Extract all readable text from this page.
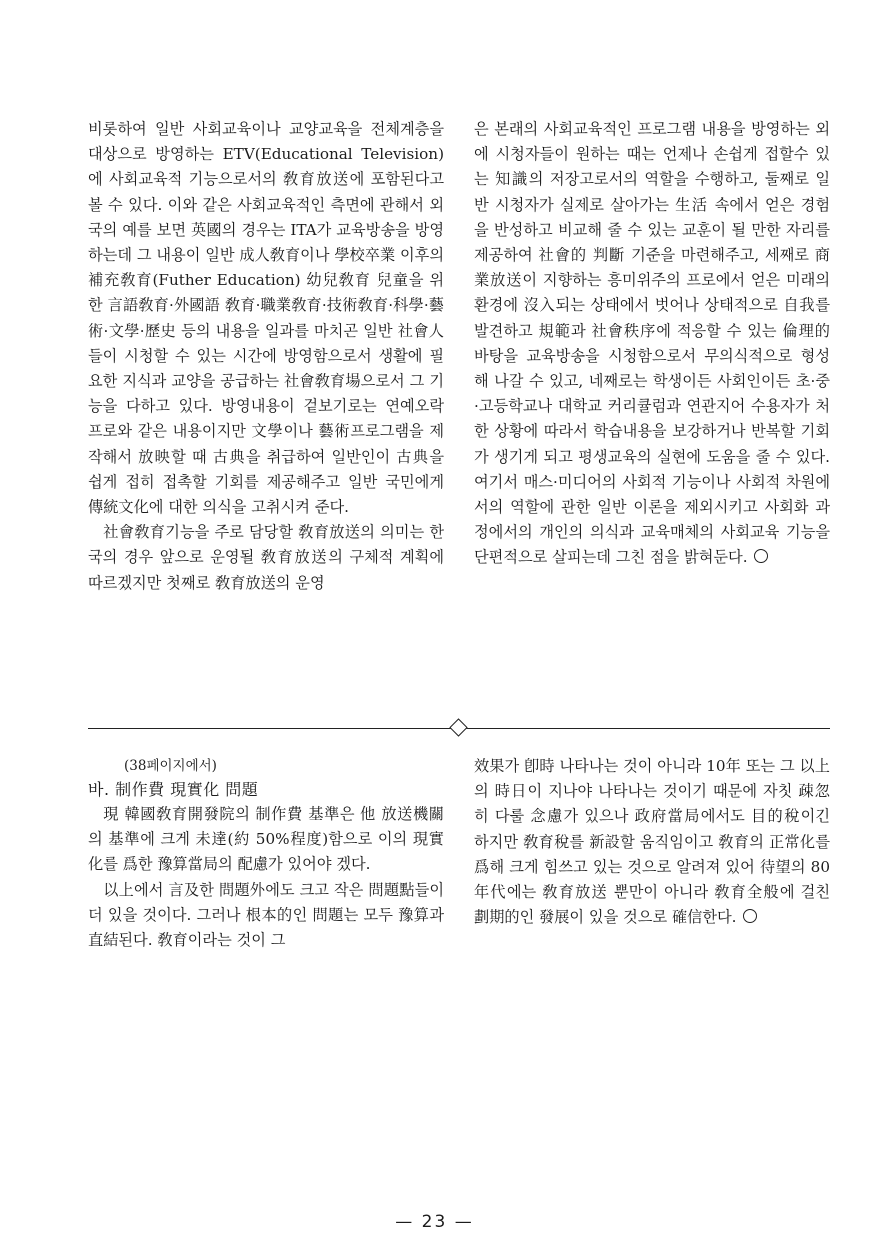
비롯하여 일반 사회교육이나 교양교육을 전체계층을 대상으로 방영하는 ETV(Educational Television)에 사회교육적 기능으로서의 敎育放送에 포함된다고 볼 수 있다. 이와 같은 사회교육적인 측면에 관해서 외국의 예를 보면 英國의 경우는 ITA가 교육방송을 방영하는데 그 내용이 일반 成人敎育이나 學校卒業 이후의 補充敎育(Futher Education) 幼兒敎育 兒童을 위한 言語敎育·外國語 敎育·職業敎育·技術敎育·科學·藝術·文學·歷史 등의 내용을 일과를 마치곤 일반 社會人들이 시청할 수 있는 시간에 방영함으로서 생활에 필요한 지식과 교양을 공급하는 社會敎育場으로서 그 기능을 다하고 있다. 방영내용이 겉보기로는 연예오락 프로와 같은 내용이지만 文學이나 藝術프로그램을 제작해서 放映할 때 古典을 취급하여 일반인이 古典을 쉽게 접히 접촉할 기회를 제공해주고 일반 국민에게 傳統文化에 대한 의식을 고취시켜 준다.

社會敎育기능을 주로 담당할 敎育放送의 의미는 한국의 경우 앞으로 운영될 敎育放送의 구체적 계획에 따르겠지만 첫째로 敎育放送의 운영

은 본래의 사회교육적인 프로그램 내용을 방영하는 외에 시청자들이 원하는 때는 언제나 손쉽게 접할수 있는 知識의 저장고로서의 역할을 수행하고, 둘째로 일반 시청자가 실제로 살아가는 生活 속에서 얻은 경험을 반성하고 비교해 줄 수 있는 교훈이 될 만한 자리를 제공하여 社會的 判斷 기준을 마련해주고, 세째로 商業放送이 지향하는 흥미위주의 프로에서 얻은 미래의 환경에 沒入되는 상태에서 벗어나 상태적으로 自我를 발견하고 規範과 社會秩序에 적응할 수 있는 倫理的 바탕을 교육방송을 시청함으로서 무의식적으로 형성해 나갈 수 있고, 네째로는 학생이든 사회인이든 초·중·고등학교나 대학교 커리큘럼과 연관지어 수용자가 처한 상황에 따라서 학습내용을 보강하거나 반복할 기회가 생기게 되고 평생교육의 실현에 도움을 줄 수 있다. 여기서 매스·미디어의 사회적 기능이나 사회적 차원에서의 역할에 관한 일반 이론을 제외시키고 사회화 과정에서의 개인의 의식과 교육매체의 사회교육 기능을 단편적으로 살피는데 그친 점을 밝혀둔다.

(38페이지에서)

바. 制作費 現實化 問題

現 韓國敎育開發院의 制作費 基準은 他 放送機關의 基準에 크게 未達(約 50%程度)함으로 이의 現實化를 爲한 豫算當局의 配慮가 있어야 겠다.

以上에서 言及한 問題外에도 크고 작은 問題點들이 더 있을 것이다. 그러나 根本的인 問題는 모두 豫算과 直結된다. 敎育이라는 것이 그

效果가 卽時 나타나는 것이 아니라 10年 또는 그 以上의 時日이 지나야 나타나는 것이기 때문에 자칫 疎忽히 다룰 念慮가 있으나 政府當局에서도 目的稅이긴 하지만 敎育稅를 新設할 움직임이고 敎育의 正常化를 爲해 크게 힘쓰고 있는 것으로 알려져 있어 待望의 80年代에는 敎育放送 뿐만이 아니라 敎育全般에 걸친 劃期的인 發展이 있을 것으로 確信한다.

— 23 —
